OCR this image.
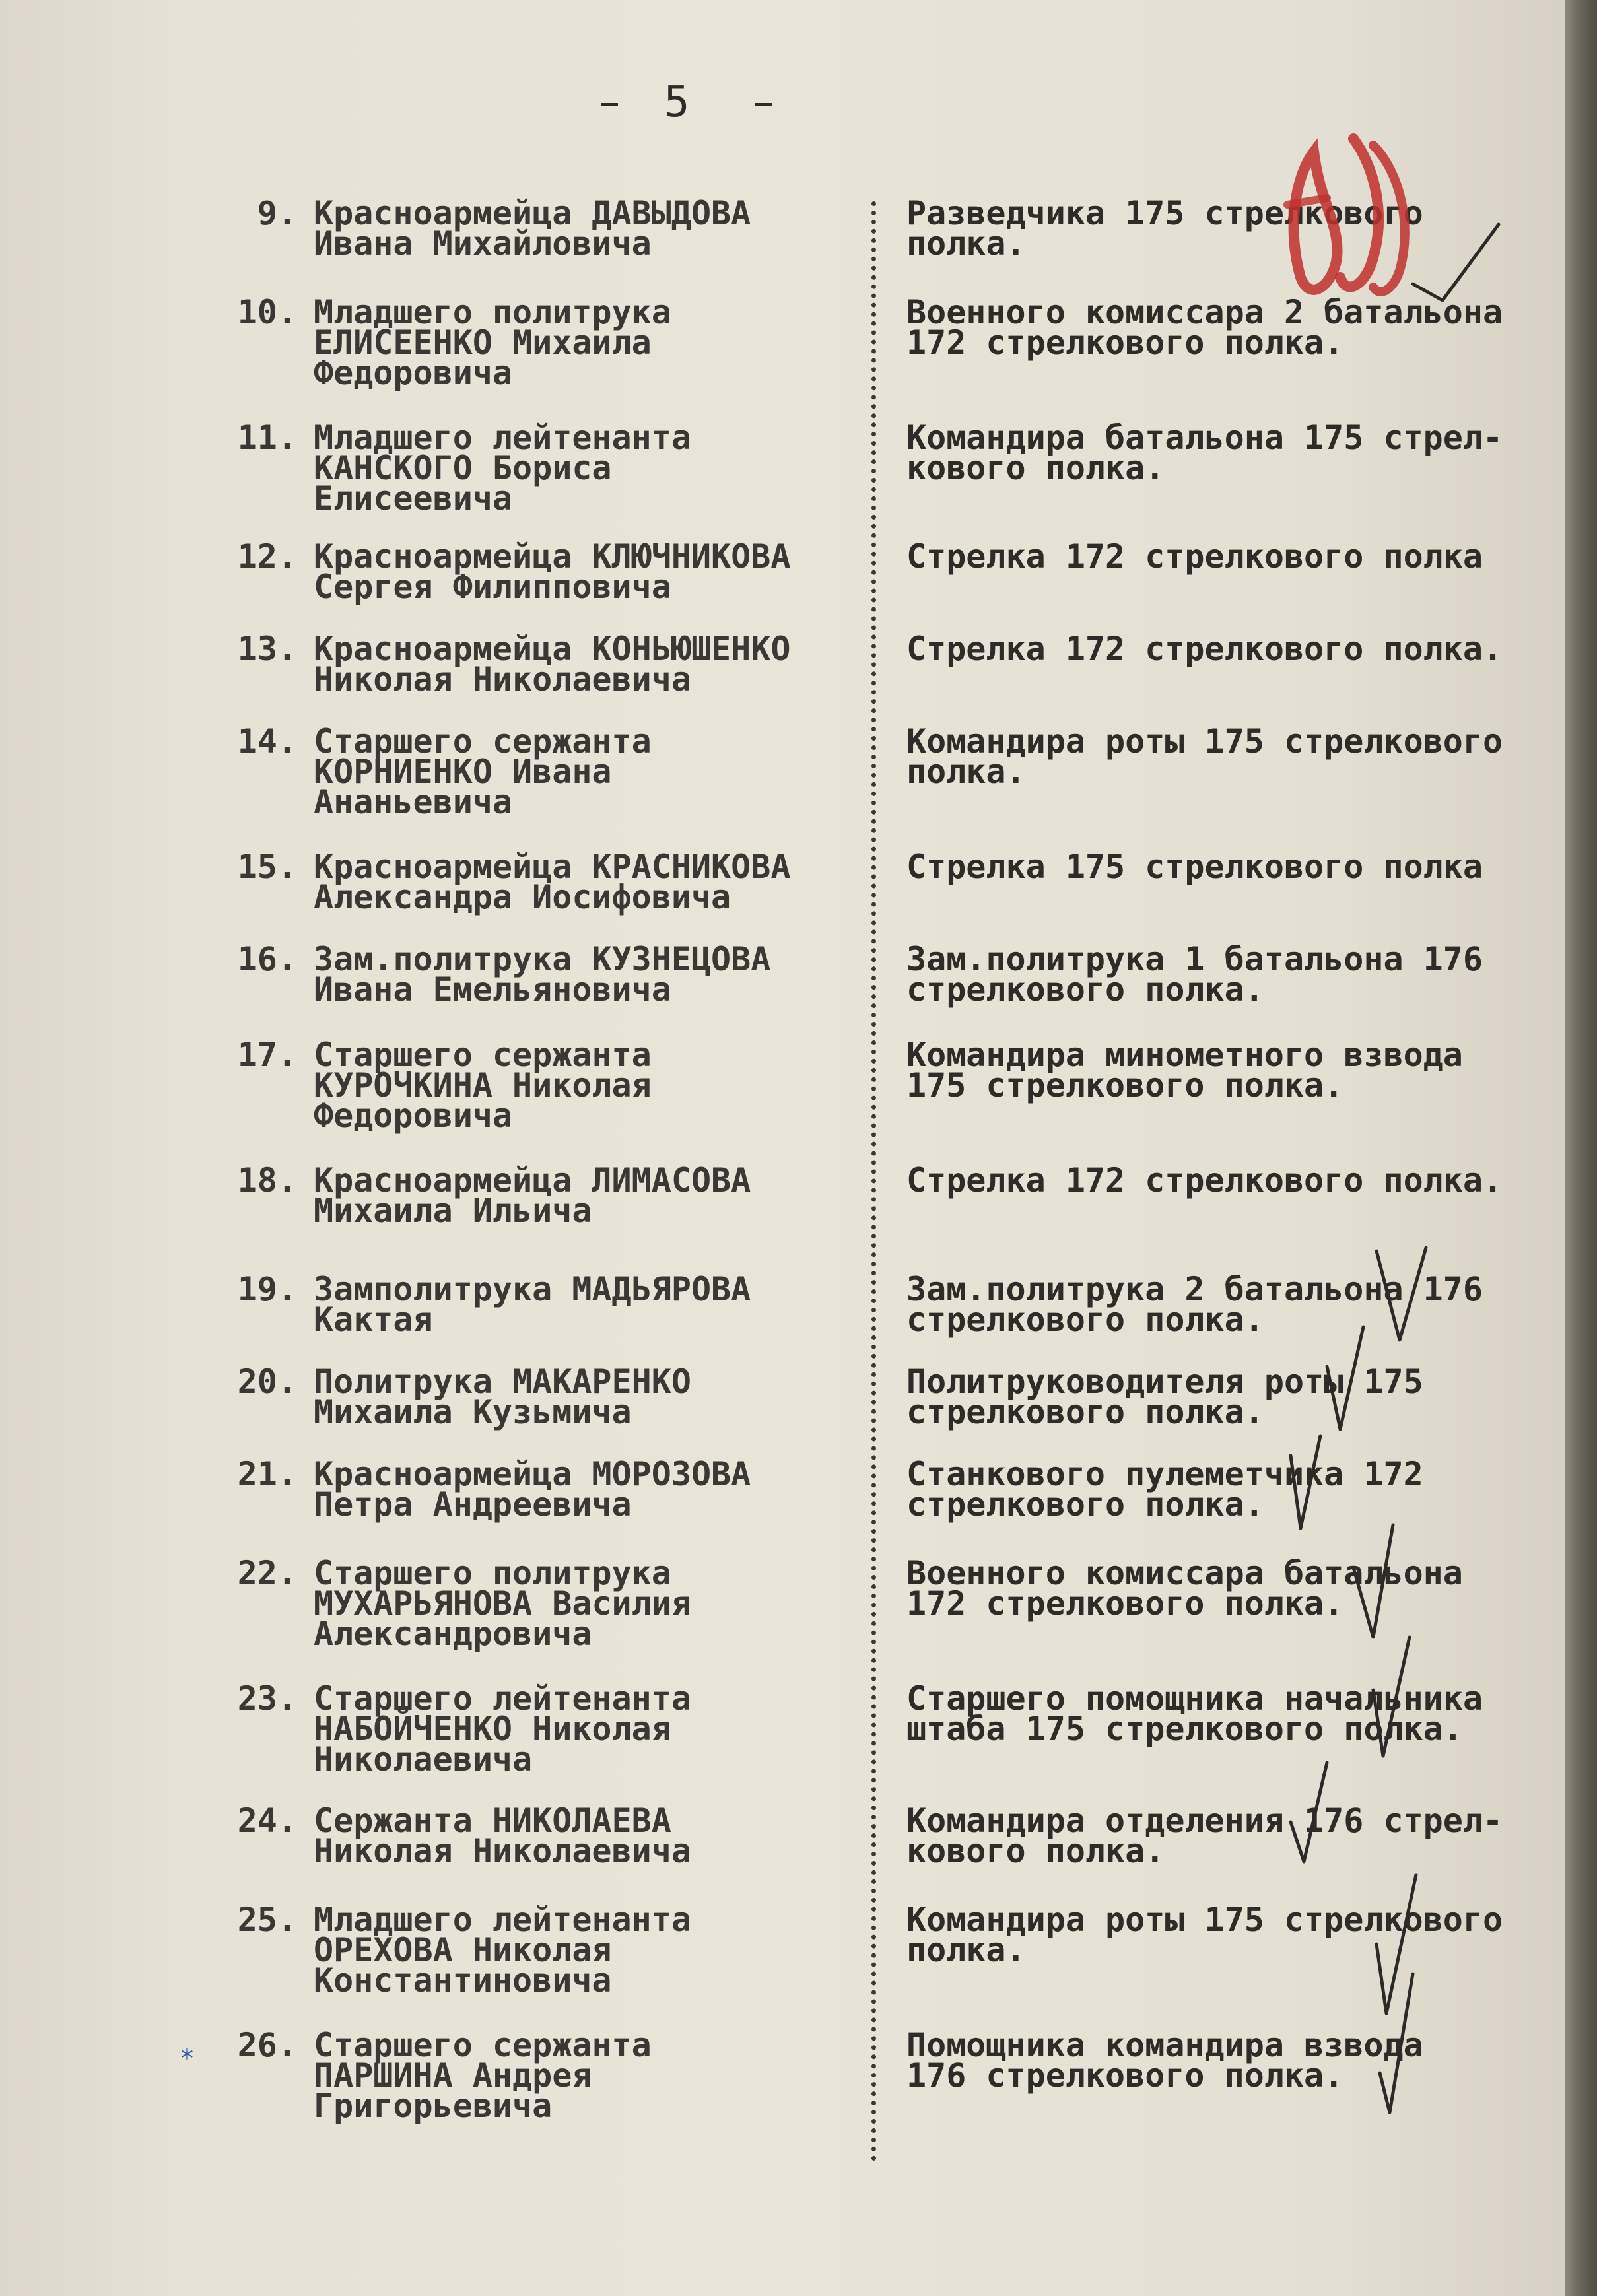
5
9. Красноармейца ДАВЫДОВА
Ивана Михайловича
Разведчика 175 стрелкового
полка.
10. Младшего политрука
ЕЛИСЕЕНКО Михаила
Федоровича
Военного комиссара 2 батальона
172 стрелкового полка.
11. Младшего лейтенанта
КАНСКОГО Бориса
Елисеевича
Командира батальона 175 стрел-
кового полка.
12. Красноармейца КЛЮЧНИКОВА
Сергея Филипповича
Стрелка 172 стрелкового полка
13. Красноармейца КОНЬЮШЕНКО
Николая Николаевича
Стрелка 172 стрелкового полка.
14. Старшего сержанта
КОРНИЕНКО Ивана
Ананьевича
Командира роты 175 стрелкового
полка.
15. Красноармейца КРАСНИКОВА
Александра Иосифовича
Стрелка 175 стрелкового полка
16. Зам.политрука КУЗНЕЦОВА
Ивана Емельяновича
Зам.политрука 1 батальона 176
стрелкового полка.
17. Старшего сержанта
КУРОЧКИНА Николая
Федоровича
Командира минометного взвода
175 стрелкового полка.
18. Красноармейца ЛИМАСОВА
Михаила Ильича
Стрелка 172 стрелкового полка.
19. Замполитрука МАДЬЯРОВА
Кактая
Зам.политрука 2 батальона 176
стрелкового полка.
20. Политрука МАКАРЕНКО
Михаила Кузьмича
Политруководителя роты 175
стрелкового полка.
21. Красноармейца МОРОЗОВА
Петра Андреевича
Станкового пулеметчика 172
стрелкового полка.
22. Старшего политрука
МУХАРЬЯНОВА Василия
Александровича
Военного комиссара батальона
172 стрелкового полка.
23. Старшего лейтенанта
НАБОЙЧЕНКО Николая
Николаевича
Старшего помощника начальника
штаба 175 стрелкового полка.
24. Сержанта НИКОЛАЕВА
Николая Николаевича
Командира отделения 176 стрел-
кового полка.
25. Младшего лейтенанта
ОРЕХОВА Николая
Константиновича
Командира роты 175 стрелкового
полка.
26. Старшего сержанта
ПАРШИНА Андрея
Григорьевича
Помощника командира взвода
176 стрелкового полка.
*
